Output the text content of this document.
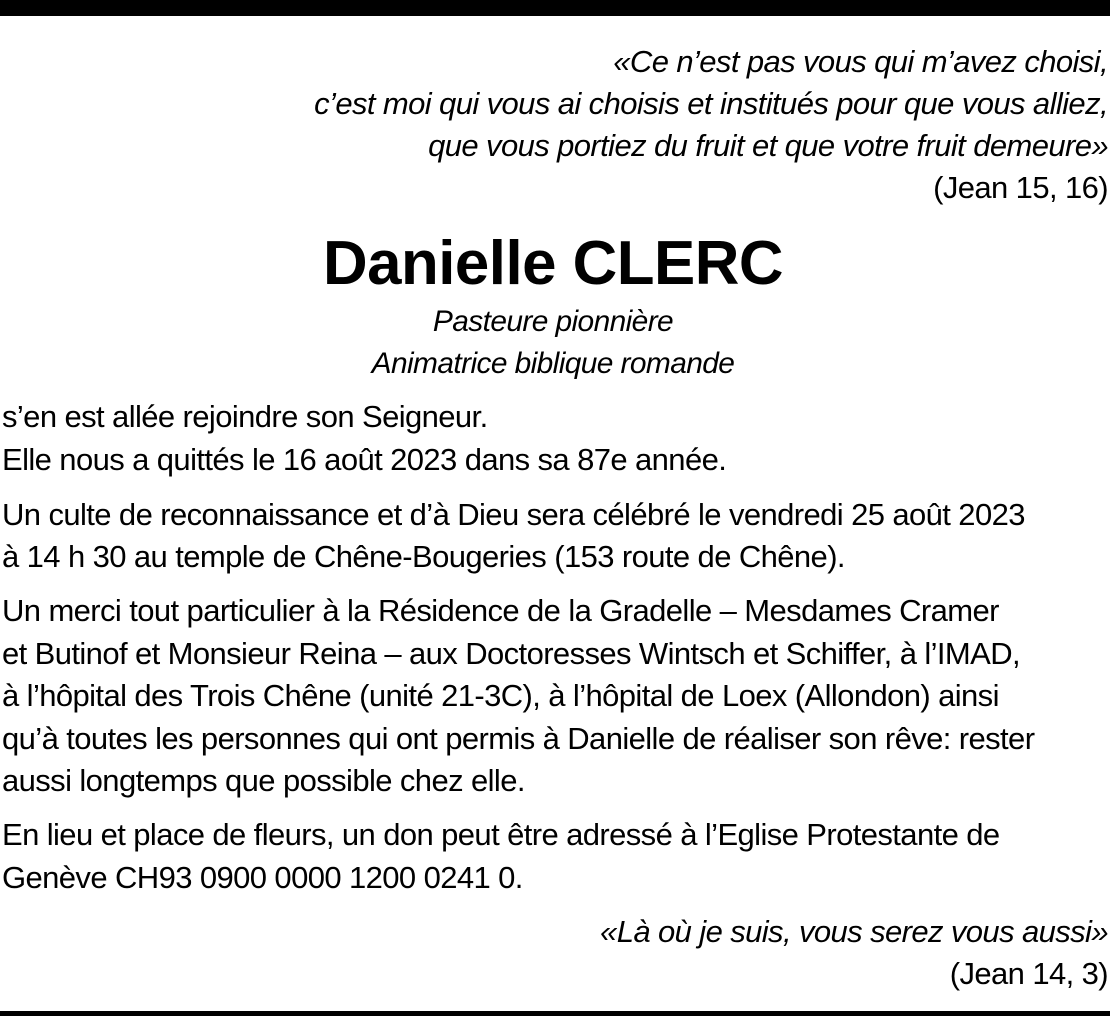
«Ce n’est pas vous qui m’avez choisi,
c’est moi qui vous ai choisis et institués pour que vous alliez,
que vous portiez du fruit et que votre fruit demeure»
(Jean 15, 16)
Danielle CLERC
Pasteure pionnière
Animatrice biblique romande
s’en est allée rejoindre son Seigneur.
Elle nous a quittés le 16 août 2023 dans sa 87e année.
Un culte de reconnaissance et d’à Dieu sera célébré le vendredi 25 août 2023
à 14 h 30 au temple de Chêne-Bougeries (153 route de Chêne).
Un merci tout particulier à la Résidence de la Gradelle – Mesdames Cramer
et Butinof et Monsieur Reina – aux Doctoresses Wintsch et Schiffer, à l’IMAD,
à l’hôpital des Trois Chêne (unité 21-3C), à l’hôpital de Loex (Allondon) ainsi
qu’à toutes les personnes qui ont permis à Danielle de réaliser son rêve: rester
aussi longtemps que possible chez elle.
En lieu et place de fleurs, un don peut être adressé à l’Eglise Protestante de
Genève CH93 0900 0000 1200 0241 0.
«Là où je suis, vous serez vous aussi»
(Jean 14, 3)
